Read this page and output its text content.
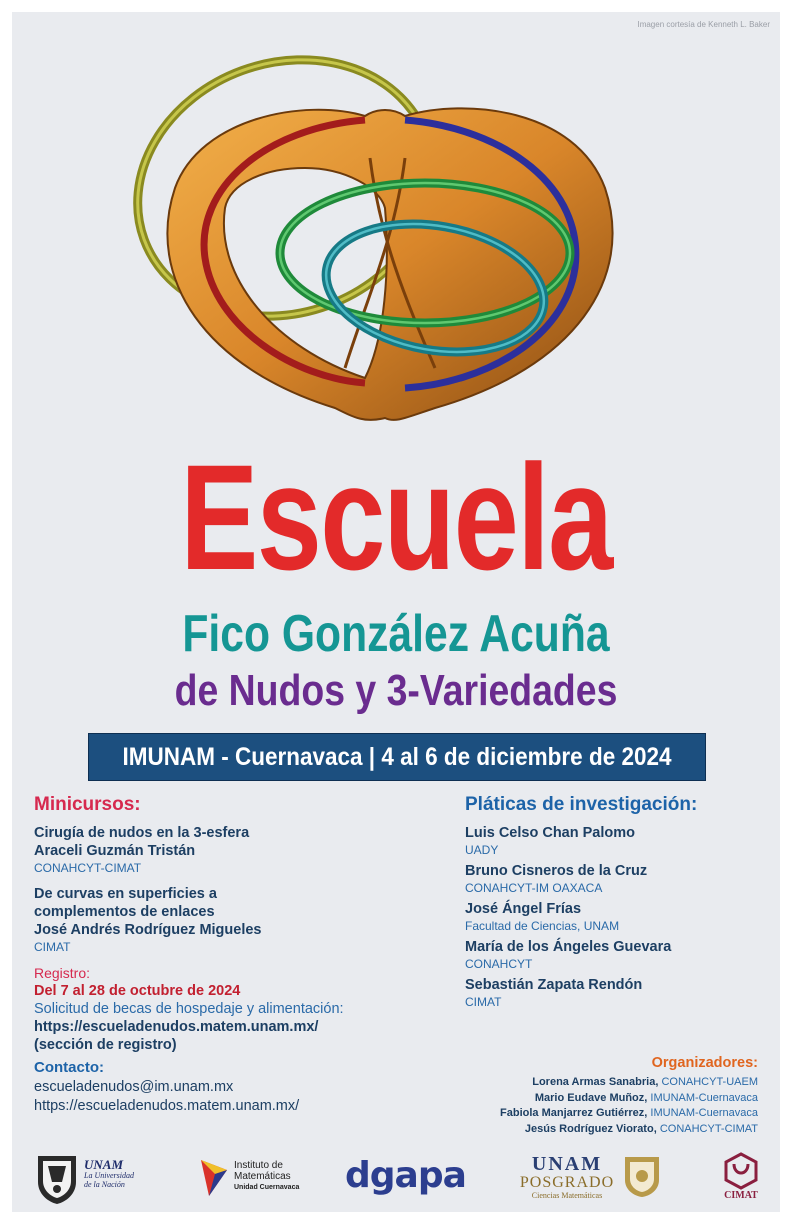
Imagen cortesía de Kenneth L. Baker
Escuela
Fico González Acuña
de Nudos y 3-Variedades
IMUNAM - Cuernavaca | 4 al 6 de diciembre de 2024
Minicursos:
Cirugía de nudos en la 3-esfera
Araceli Guzmán Tristán
CONAHCYT-CIMAT
De curvas en superficies a complementos de enlaces
José Andrés Rodríguez Migueles
CIMAT
Registro:
Del 7 al 28 de octubre de 2024
Solicitud de becas de hospedaje y alimentación:
https://escueladenudos.matem.unam.mx/
(sección de registro)
Contacto:
escueladenudos@im.unam.mx
https://escueladenudos.matem.unam.mx/
Pláticas de investigación:
Luis Celso Chan Palomo
UADY
Bruno Cisneros de la Cruz
CONAHCYT-IM OAXACA
José Ángel Frías
Facultad de Ciencias, UNAM
María de los Ángeles Guevara
CONAHCYT
Sebastián Zapata Rendón
CIMAT
Organizadores:
Lorena Armas Sanabria, CONAHCYT-UAEM
Mario Eudave Muñoz, IMUNAM-Cuernavaca
Fabiola Manjarrez Gutiérrez, IMUNAM-Cuernavaca
Jesús Rodríguez Viorato, CONAHCYT-CIMAT
UNAM
La Universidad de la Nación
Instituto de
Matemáticas
Unidad Cuernavaca	dgapa	UNAM
POSGRADO
Ciencias Matemáticas	CIMAT
